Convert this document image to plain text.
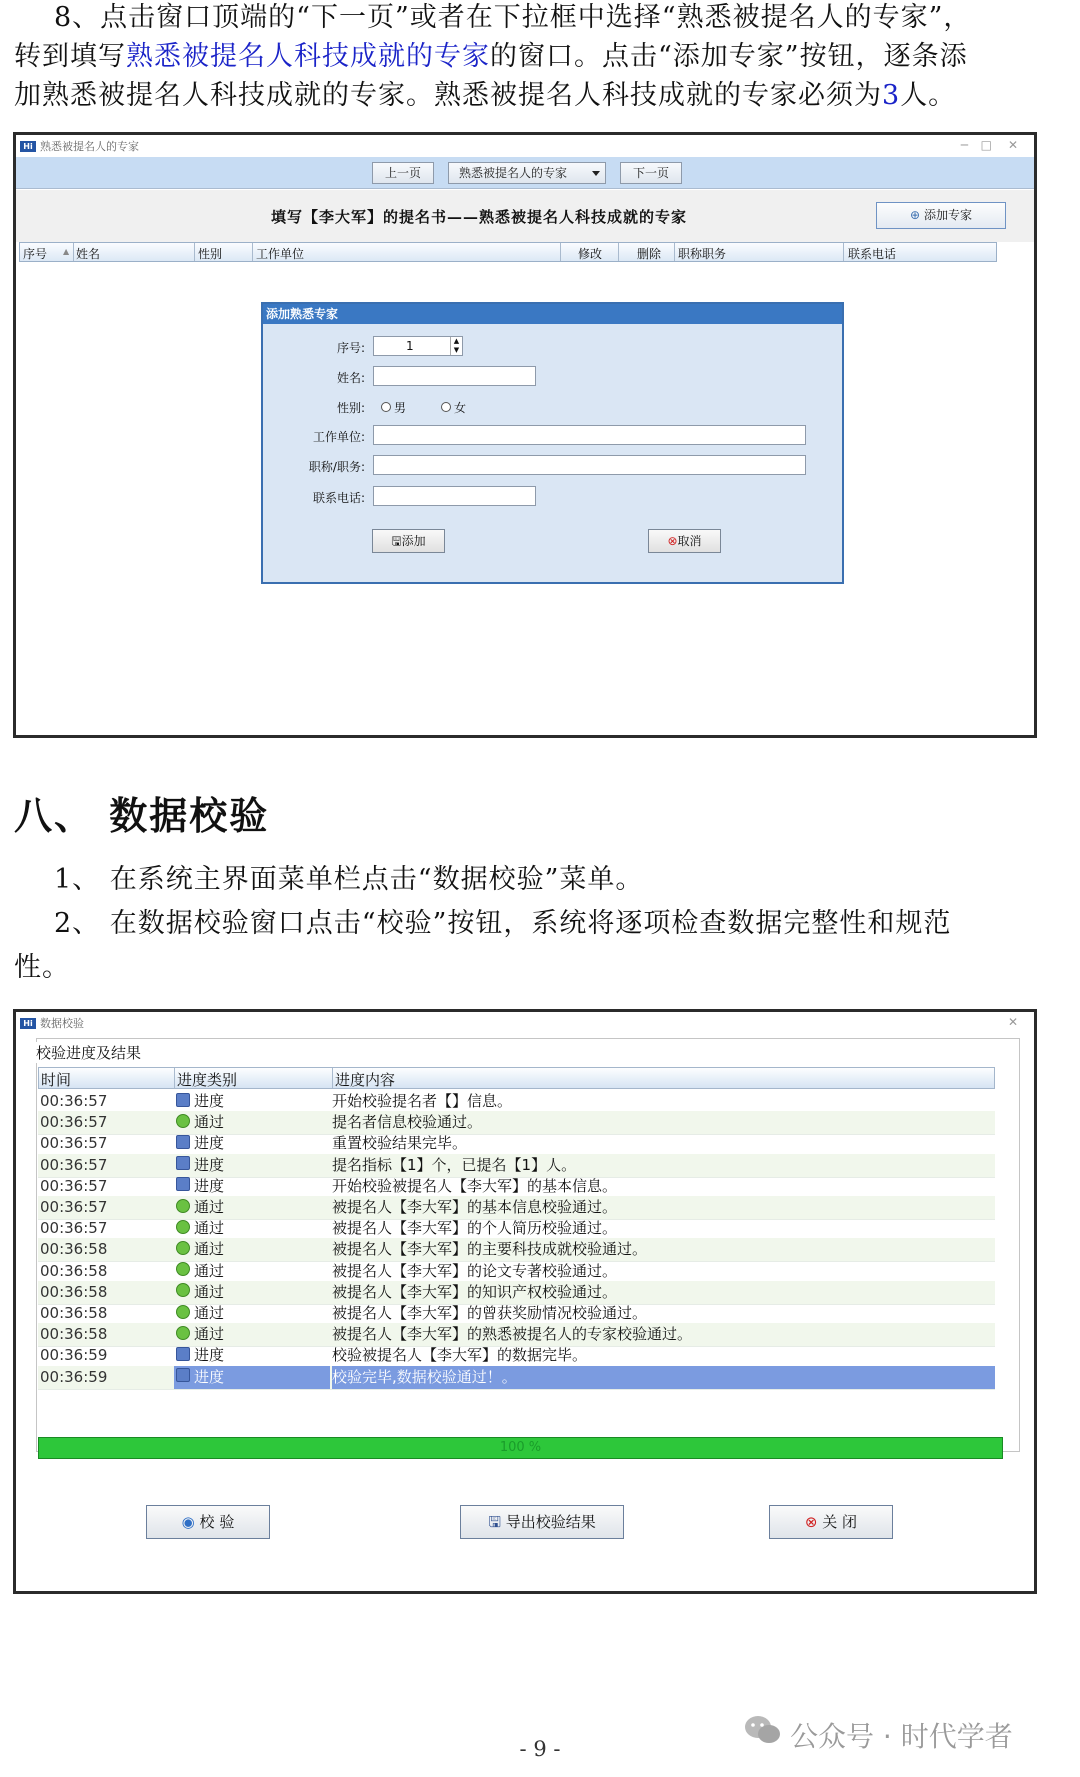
8、点击窗口顶端的“下一页”或者在下拉框中选择“熟悉被提名人的专家”，
转到填写熟悉被提名人科技成就的专家的窗口。点击“添加专家”按钮，逐条添
加熟悉被提名人科技成就的专家。熟悉被提名人科技成就的专家必须为3人。
Hi 熟悉被提名人的专家	─ □ ✕
上一页	熟悉被提名人的专家	下一页
填写【李大军】的提名书——熟悉被提名人科技成就的专家	⊕ 添加专家
序号 ▲ 姓名	性别	工作单位	修改	删除 职称职务	联系电话
添加熟悉专家
序号:	1	▲
▼
姓名:
性别: 男	女
工作单位:
职称/职务:
联系电话:
🖫添加	⊗取消
八、 数据校验
1、 在系统主界面菜单栏点击“数据校验”菜单。
2、 在数据校验窗口点击“校验”按钮，系统将逐项检查数据完整性和规范
性。
Hi 数据校验	✕
校验进度及结果
时间	进度类别	进度内容
00:36:57	进度	开始校验提名者【】信息。
00:36:57	通过	提名者信息校验通过。
00:36:57	进度	重置校验结果完毕。
00:36:57	进度	提名指标【1】个，已提名【1】人。
00:36:57	进度	开始校验被提名人【李大军】的基本信息。
00:36:57	通过	被提名人【李大军】的基本信息校验通过。
00:36:57	通过	被提名人【李大军】的个人简历校验通过。
00:36:58	通过	被提名人【李大军】的主要科技成就校验通过。
00:36:58	通过	被提名人【李大军】的论文专著校验通过。
00:36:58	通过	被提名人【李大军】的知识产权校验通过。
00:36:58	通过	被提名人【李大军】的曾获奖励情况校验通过。
00:36:58	通过	被提名人【李大军】的熟悉被提名人的专家校验通过。
00:36:59	进度	校验被提名人【李大军】的数据完毕。
00:36:59	进度	校验完毕,数据校验通过！。
100 %
◉ 校 验	🖫 导出校验结果	⊗ 关 闭
公众号 · 时代学者
- 9 -
